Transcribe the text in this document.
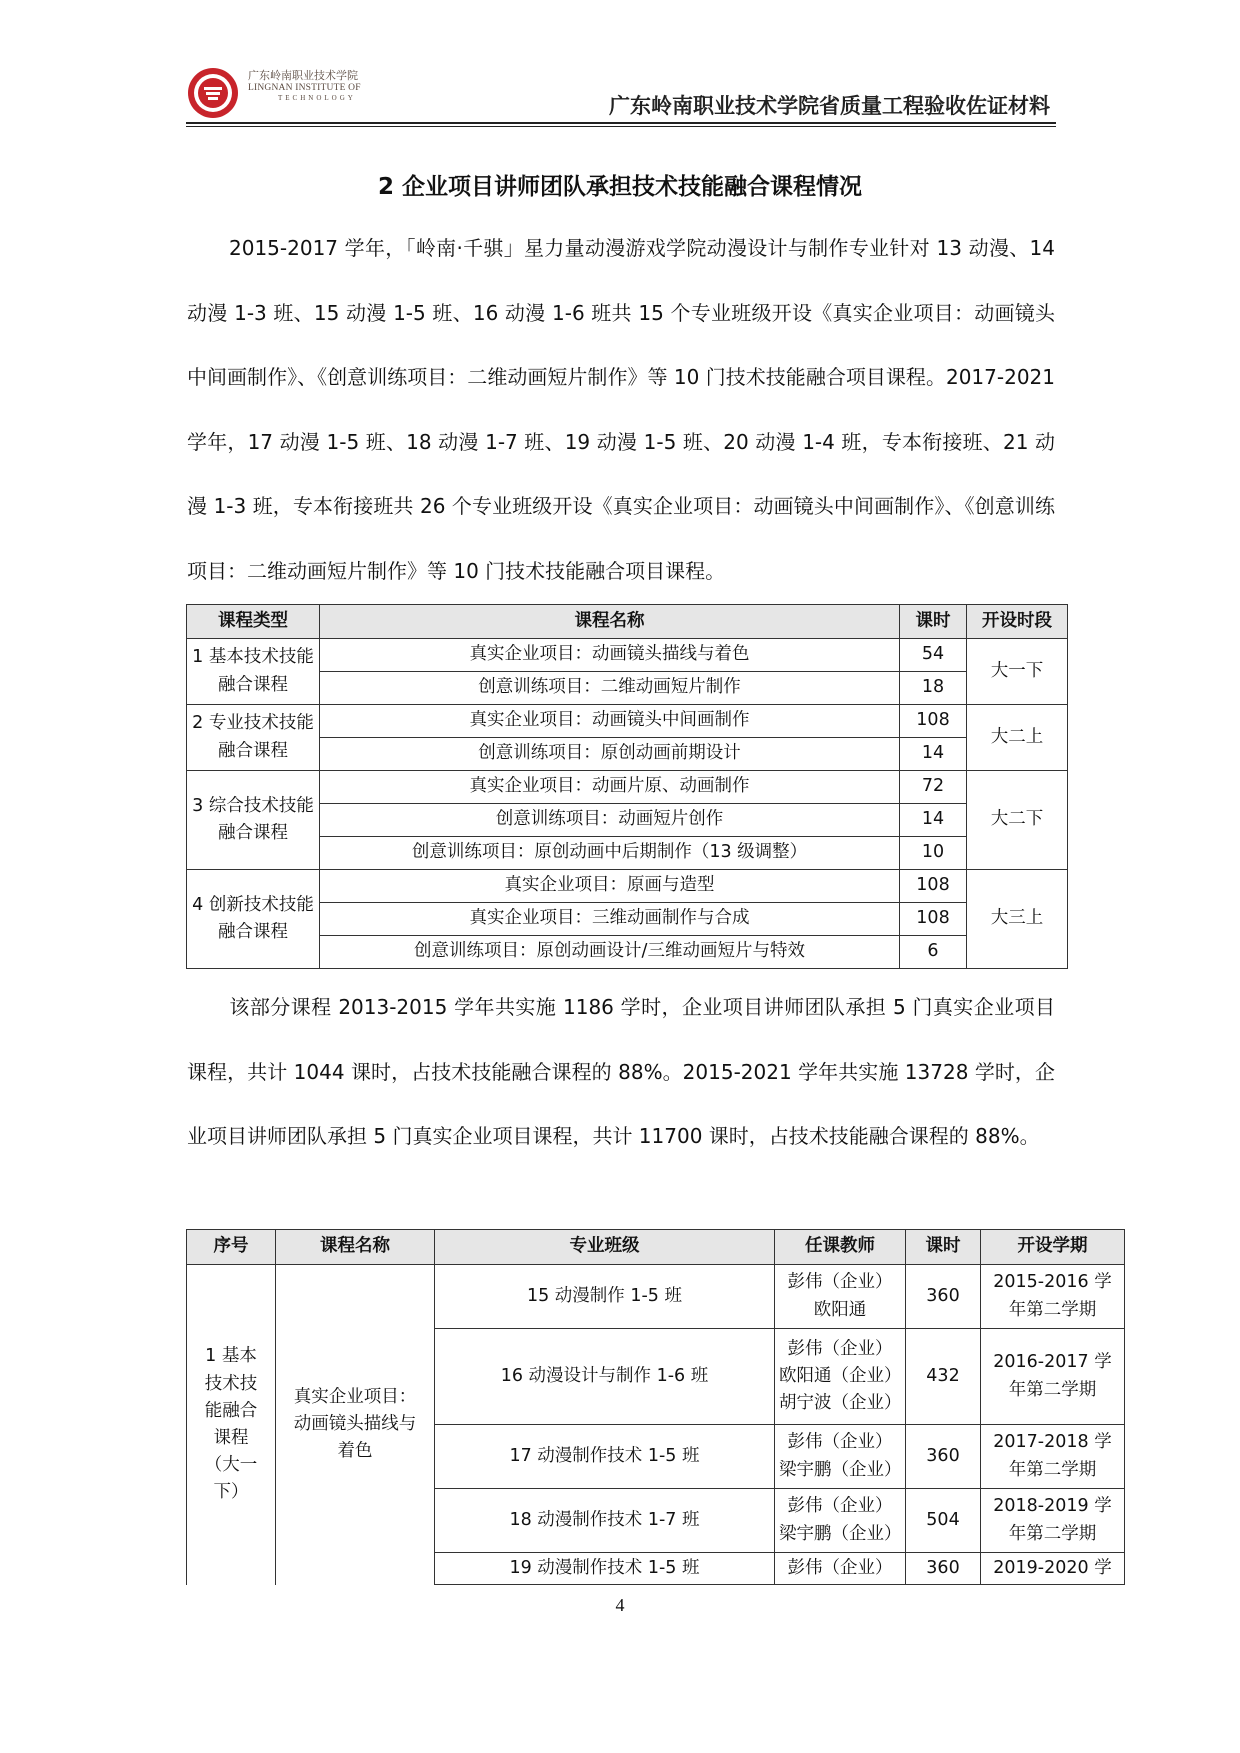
广东岭南职业技术学院
LINGNAN INSTITUTE OF
TECHNOLOGY	广东岭南职业技术学院省质量工程验收佐证材料
2 企业项目讲师团队承担技术技能融合课程情况
2015-2017 学年，「岭南·千骐」星力量动漫游戏学院动漫设计与制作专业针对 13 动漫、14 动漫 1-3 班、15 动漫 1-5 班、16 动漫 1-6 班共 15 个专业班级开设《真实企业项目：动画镜头中间画制作》、《创意训练项目：二维动画短片制作》等 10 门技术技能融合项目课程。2017-2021 学年，17 动漫 1-5 班、18 动漫 1-7 班、19 动漫 1-5 班、20 动漫 1-4 班，专本衔接班、21 动漫 1-3 班，专本衔接班共 26 个专业班级开设《真实企业项目：动画镜头中间画制作》、《创意训练项目：二维动画短片制作》等 10 门技术技能融合项目课程。
课程类型	课程名称	课时	开设时段
1 基本技术技能融合课程	真实企业项目：动画镜头描线与着色	54	大一下
	创意训练项目：二维动画短片制作	18	
2 专业技术技能融合课程	真实企业项目：动画镜头中间画制作	108	大二上
	创意训练项目：原创动画前期设计	14	
3 综合技术技能融合课程	真实企业项目：动画片原、动画制作	72	大二下
	创意训练项目：动画短片创作	14	
	创意训练项目：原创动画中后期制作（13 级调整）	10	
4 创新技术技能融合课程	真实企业项目：原画与造型	108	大三上
	真实企业项目：三维动画制作与合成	108	
	创意训练项目：原创动画设计/三维动画短片与特效	6	
该部分课程 2013-2015 学年共实施 1186 学时，企业项目讲师团队承担 5 门真实企业项目课程，共计 1044 课时，占技术技能融合课程的 88%。2015-2021 学年共实施 13728 学时，企业项目讲师团队承担 5 门真实企业项目课程，共计 11700 课时，占技术技能融合课程的 88%。
序号	课程名称	专业班级	任课教师	课时	开设学期
1 基本技术技能融合课程（大一下）	真实企业项目：动画镜头描线与着色	15 动漫制作 1-5 班	彭伟（企业）
欧阳通	360	2015-2016 学年第二学期
		16 动漫设计与制作 1-6 班	彭伟（企业）
欧阳通（企业）
胡宁波（企业）	432	2016-2017 学年第二学期
		17 动漫制作技术 1-5 班	彭伟（企业）
梁宇鹏（企业）	360	2017-2018 学年第二学期
		18 动漫制作技术 1-7 班	彭伟（企业）
梁宇鹏（企业）	504	2018-2019 学年第二学期
		19 动漫制作技术 1-5 班	彭伟（企业）	360	2019-2020 学
4
